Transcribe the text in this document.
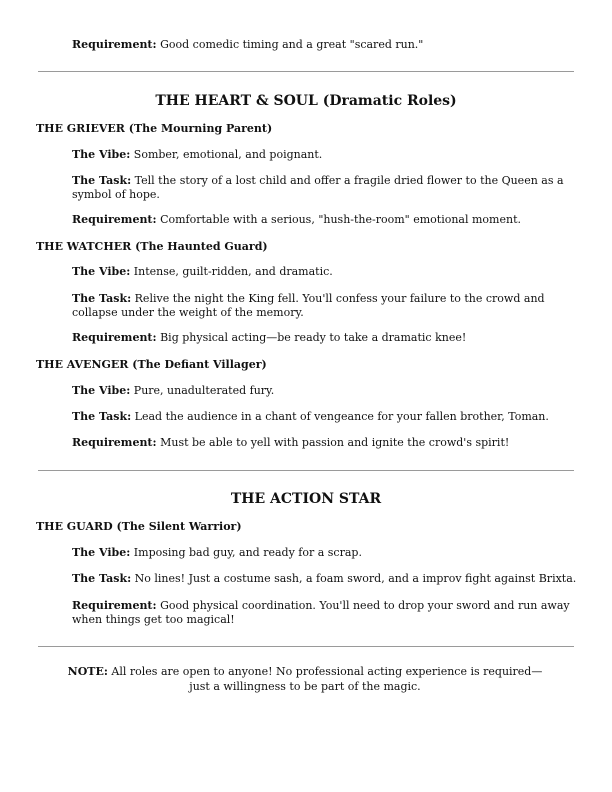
Requirement: Good comedic timing and a great "scared run."
THE HEART & SOUL (Dramatic Roles)
THE GRIEVER (The Mourning Parent)
The Vibe: Somber, emotional, and poignant.
The Task: Tell the story of a lost child and offer a fragile dried flower to the Queen as a symbol of hope.
Requirement: Comfortable with a serious, "hush-the-room" emotional moment.
THE WATCHER (The Haunted Guard)
The Vibe: Intense, guilt-ridden, and dramatic.
The Task: Relive the night the King fell. You'll confess your failure to the crowd and collapse under the weight of the memory.
Requirement: Big physical acting—be ready to take a dramatic knee!
THE AVENGER (The Defiant Villager)
The Vibe: Pure, unadulterated fury.
The Task: Lead the audience in a chant of vengeance for your fallen brother, Toman.
Requirement: Must be able to yell with passion and ignite the crowd's spirit!
THE ACTION STAR
THE GUARD (The Silent Warrior)
The Vibe: Imposing bad guy, and ready for a scrap.
The Task: No lines! Just a costume sash, a foam sword, and a improv fight against Brixta.
Requirement: Good physical coordination. You'll need to drop your sword and run away when things get too magical!
NOTE: All roles are open to anyone! No professional acting experience is required—just a willingness to be part of the magic.
